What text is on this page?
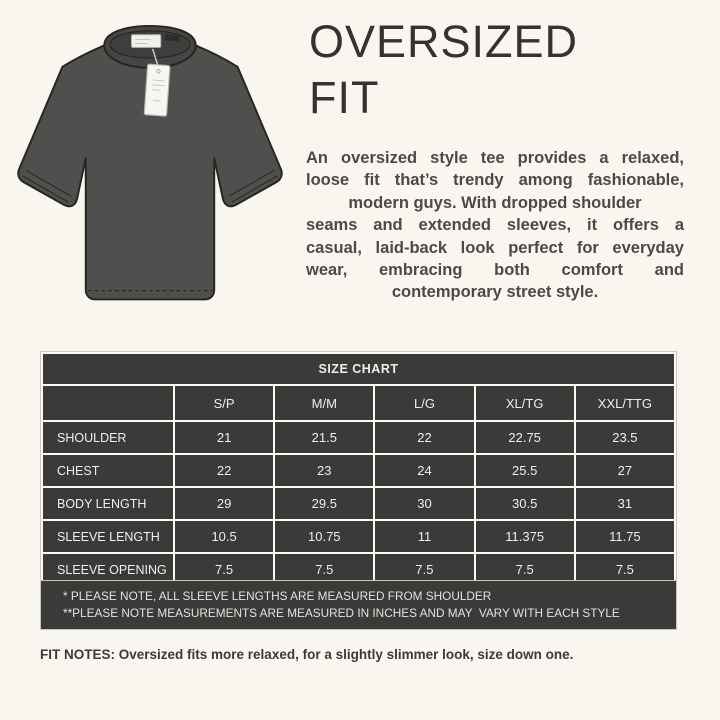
OVERSIZED
FIT
An oversized style tee provides a relaxed,
loose fit that’s trendy among fashionable,
modern guys. With dropped shoulder
seams and extended sleeves, it offers a
casual, laid-back look perfect for everyday
wear, embracing both comfort and
contemporary street style.
SIZE CHART					
	S/P	M/M	L/G	XL/TG	XXL/TTG
SHOULDER	21	21.5	22	22.75	23.5
CHEST	22	23	24	25.5	27
BODY LENGTH	29	29.5	30	30.5	31
SLEEVE LENGTH	10.5	10.75	11	11.375	11.75
SLEEVE OPENING	7.5	7.5	7.5	7.5	7.5
* PLEASE NOTE, ALL SLEEVE LENGTHS ARE MEASURED FROM SHOULDER
**PLEASE NOTE MEASUREMENTS ARE MEASURED IN INCHES AND MAY  VARY WITH EACH STYLE
FIT NOTES: Oversized fits more relaxed, for a slightly slimmer look, size down one.
